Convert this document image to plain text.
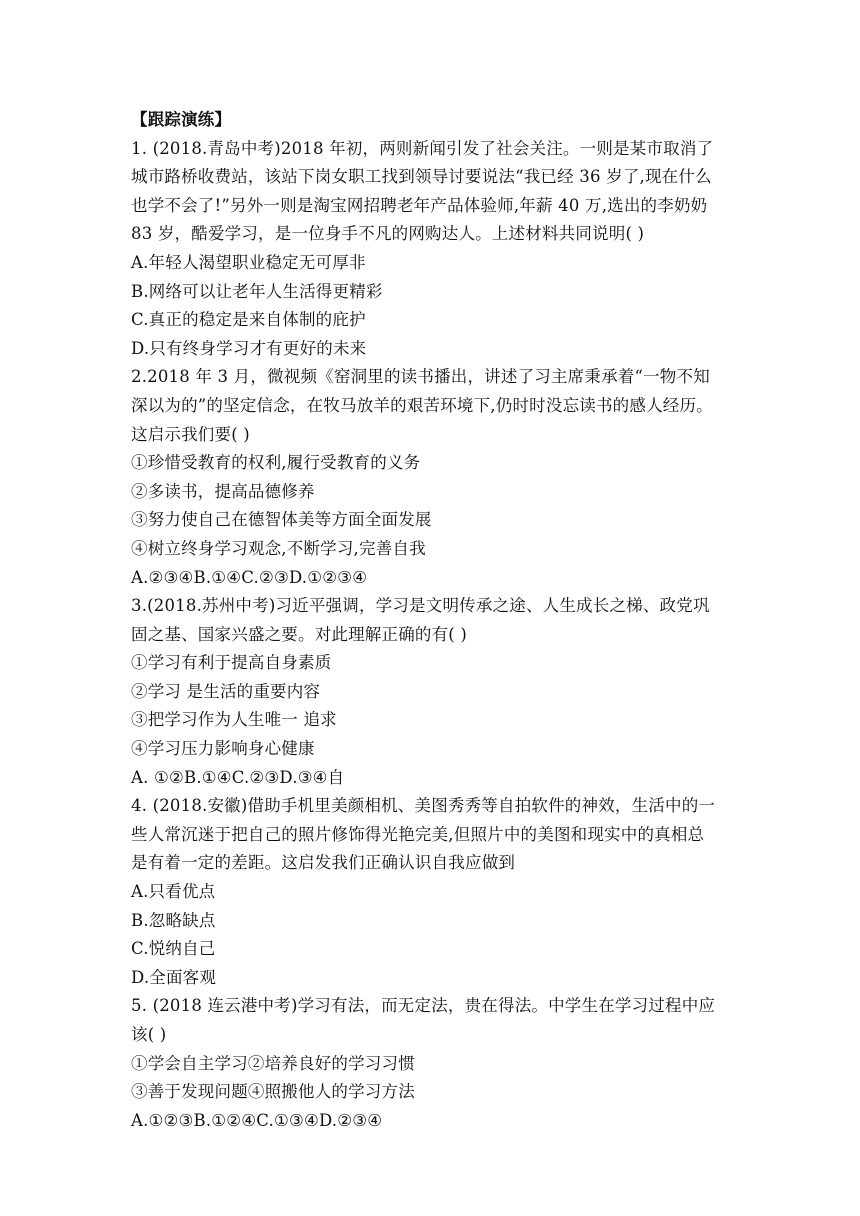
【跟踪演练】
1. (2018.青岛中考)2018 年初，两则新闻引发了社会关注。一则是某市取消了
城市路桥收费站，该站下岗女职工找到领导讨要说法“我已经 36 岁了,现在什么
也学不会了!”另外一则是淘宝网招聘老年产品体验师,年薪 40 万,选出的李奶奶
83 岁，酷爱学习，是一位身手不凡的网购达人。上述材料共同说明( )
A.年轻人渴望职业稳定无可厚非
B.网络可以让老年人生活得更精彩
C.真正的稳定是来自体制的庇护
D.只有终身学习才有更好的未来
2.2018 年 3 月，微视频《窑洞里的读书播出，讲述了习主席秉承着“一物不知
深以为的”的坚定信念，在牧马放羊的艰苦环境下,仍时时没忘读书的感人经历。
这启示我们要( )
①珍惜受教育的权利,履行受教育的义务
②多读书，提高品德修养
③努力使自己在德智体美等方面全面发展
④树立终身学习观念,不断学习,完善自我
A.②③④B.①④C.②③D.①②③④
3.(2018.苏州中考)习近平强调，学习是文明传承之途、人生成长之梯、政党巩
固之基、国家兴盛之要。对此理解正确的有( )
①学习有利于提高自身素质
②学习 是生活的重要内容
③把学习作为人生唯一 追求
④学习压力影响身心健康
A. ①②B.①④C.②③D.③④自
4. (2018.安徽)借助手机里美颜相机、美图秀秀等自拍软件的神效，生活中的一
些人常沉迷于把自己的照片修饰得光艳完美,但照片中的美图和现实中的真相总
是有着一定的差距。这启发我们正确认识自我应做到
A.只看优点
B.忽略缺点
C.悦纳自己
D.全面客观
5. (2018 连云港中考)学习有法，而无定法，贵在得法。中学生在学习过程中应
该( )
①学会自主学习②培养良好的学习习惯
③善于发现问题④照搬他人的学习方法
A.①②③B.①②④C.①③④D.②③④
